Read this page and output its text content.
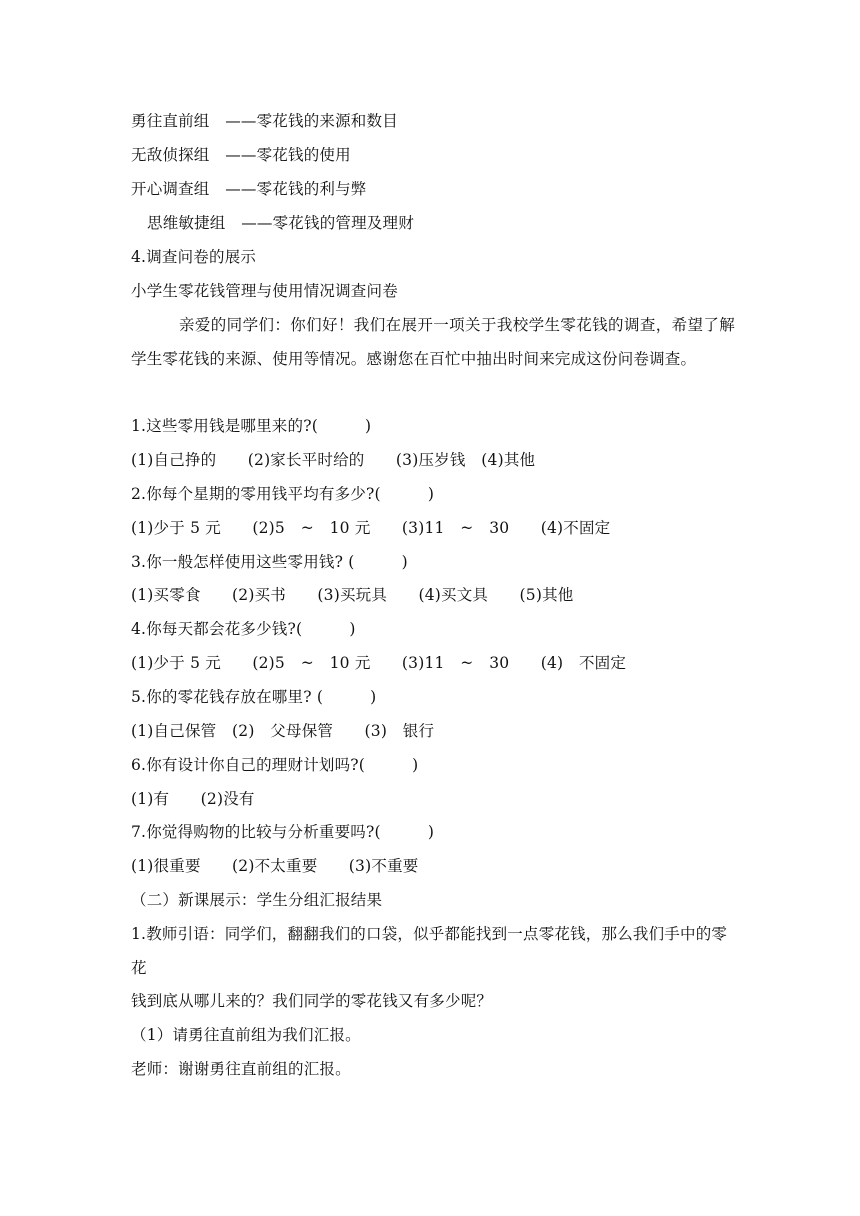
勇往直前组　——零花钱的来源和数目
无敌侦探组　——零花钱的使用
开心调查组　——零花钱的利与弊
思维敏捷组　——零花钱的管理及理财
4.调查问卷的展示
小学生零花钱管理与使用情况调查问卷
亲爱的同学们：你们好！我们在展开一项关于我校学生零花钱的调查，希望了解学生零花钱的来源、使用等情况。感谢您在百忙中抽出时间来完成这份问卷调查。
1.这些零用钱是哪里来的?(　　　)
(1)自己挣的　　(2)家长平时给的　　(3)压岁钱　(4)其他
2.你每个星期的零用钱平均有多少?(　　　)
(1)少于 5 元　　(2)5　~　10 元　　(3)11　~　30　　(4)不固定
3.你一般怎样使用这些零用钱? (　　　)
(1)买零食　　(2)买书　　(3)买玩具　　(4)买文具　　(5)其他
4.你每天都会花多少钱?(　　　)
(1)少于 5 元　　(2)5　~　10 元　　(3)11　~　30　　(4)　不固定
5.你的零花钱存放在哪里? (　　　)
(1)自己保管　(2)　父母保管　　(3)　银行
6.你有设计你自己的理财计划吗?(　　　)
(1)有　　(2)没有
7.你觉得购物的比较与分析重要吗?(　　　)
(1)很重要　　(2)不太重要　　(3)不重要
（二）新课展示：学生分组汇报结果
1.教师引语：同学们，翻翻我们的口袋，似乎都能找到一点零花钱，那么我们手中的零花
钱到底从哪儿来的？我们同学的零花钱又有多少呢？
（1）请勇往直前组为我们汇报。
老师：谢谢勇往直前组的汇报。
